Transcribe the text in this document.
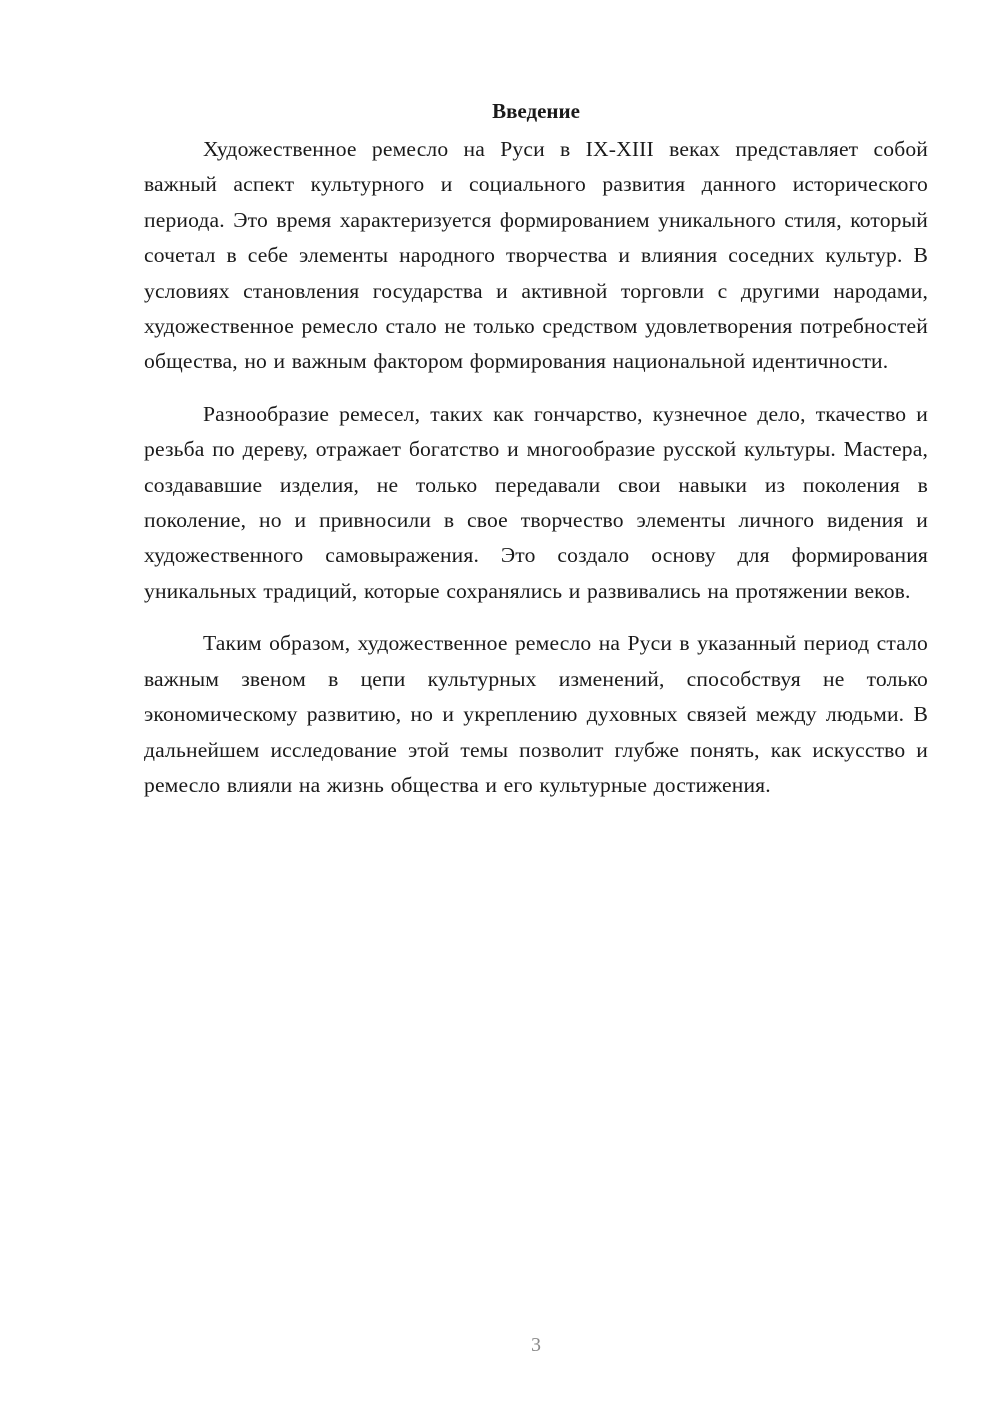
Введение

Художественное ремесло на Руси в IX-XIII веках представляет собой важный аспект культурного и социального развития данного исторического периода. Это время характеризуется формированием уникального стиля, который сочетал в себе элементы народного творчества и влияния соседних культур. В условиях становления государства и активной торговли с другими народами, художественное ремесло стало не только средством удовлетворения потребностей общества, но и важным фактором формирования национальной идентичности.

Разнообразие ремесел, таких как гончарство, кузнечное дело, ткачество и резьба по дереву, отражает богатство и многообразие русской культуры. Мастера, создававшие изделия, не только передавали свои навыки из поколения в поколение, но и привносили в свое творчество элементы личного видения и художественного самовыражения. Это создало основу для формирования уникальных традиций, которые сохранялись и развивались на протяжении веков.

Таким образом, художественное ремесло на Руси в указанный период стало важным звеном в цепи культурных изменений, способствуя не только экономическому развитию, но и укреплению духовных связей между людьми. В дальнейшем исследование этой темы позволит глубже понять, как искусство и ремесло влияли на жизнь общества и его культурные достижения.

3
